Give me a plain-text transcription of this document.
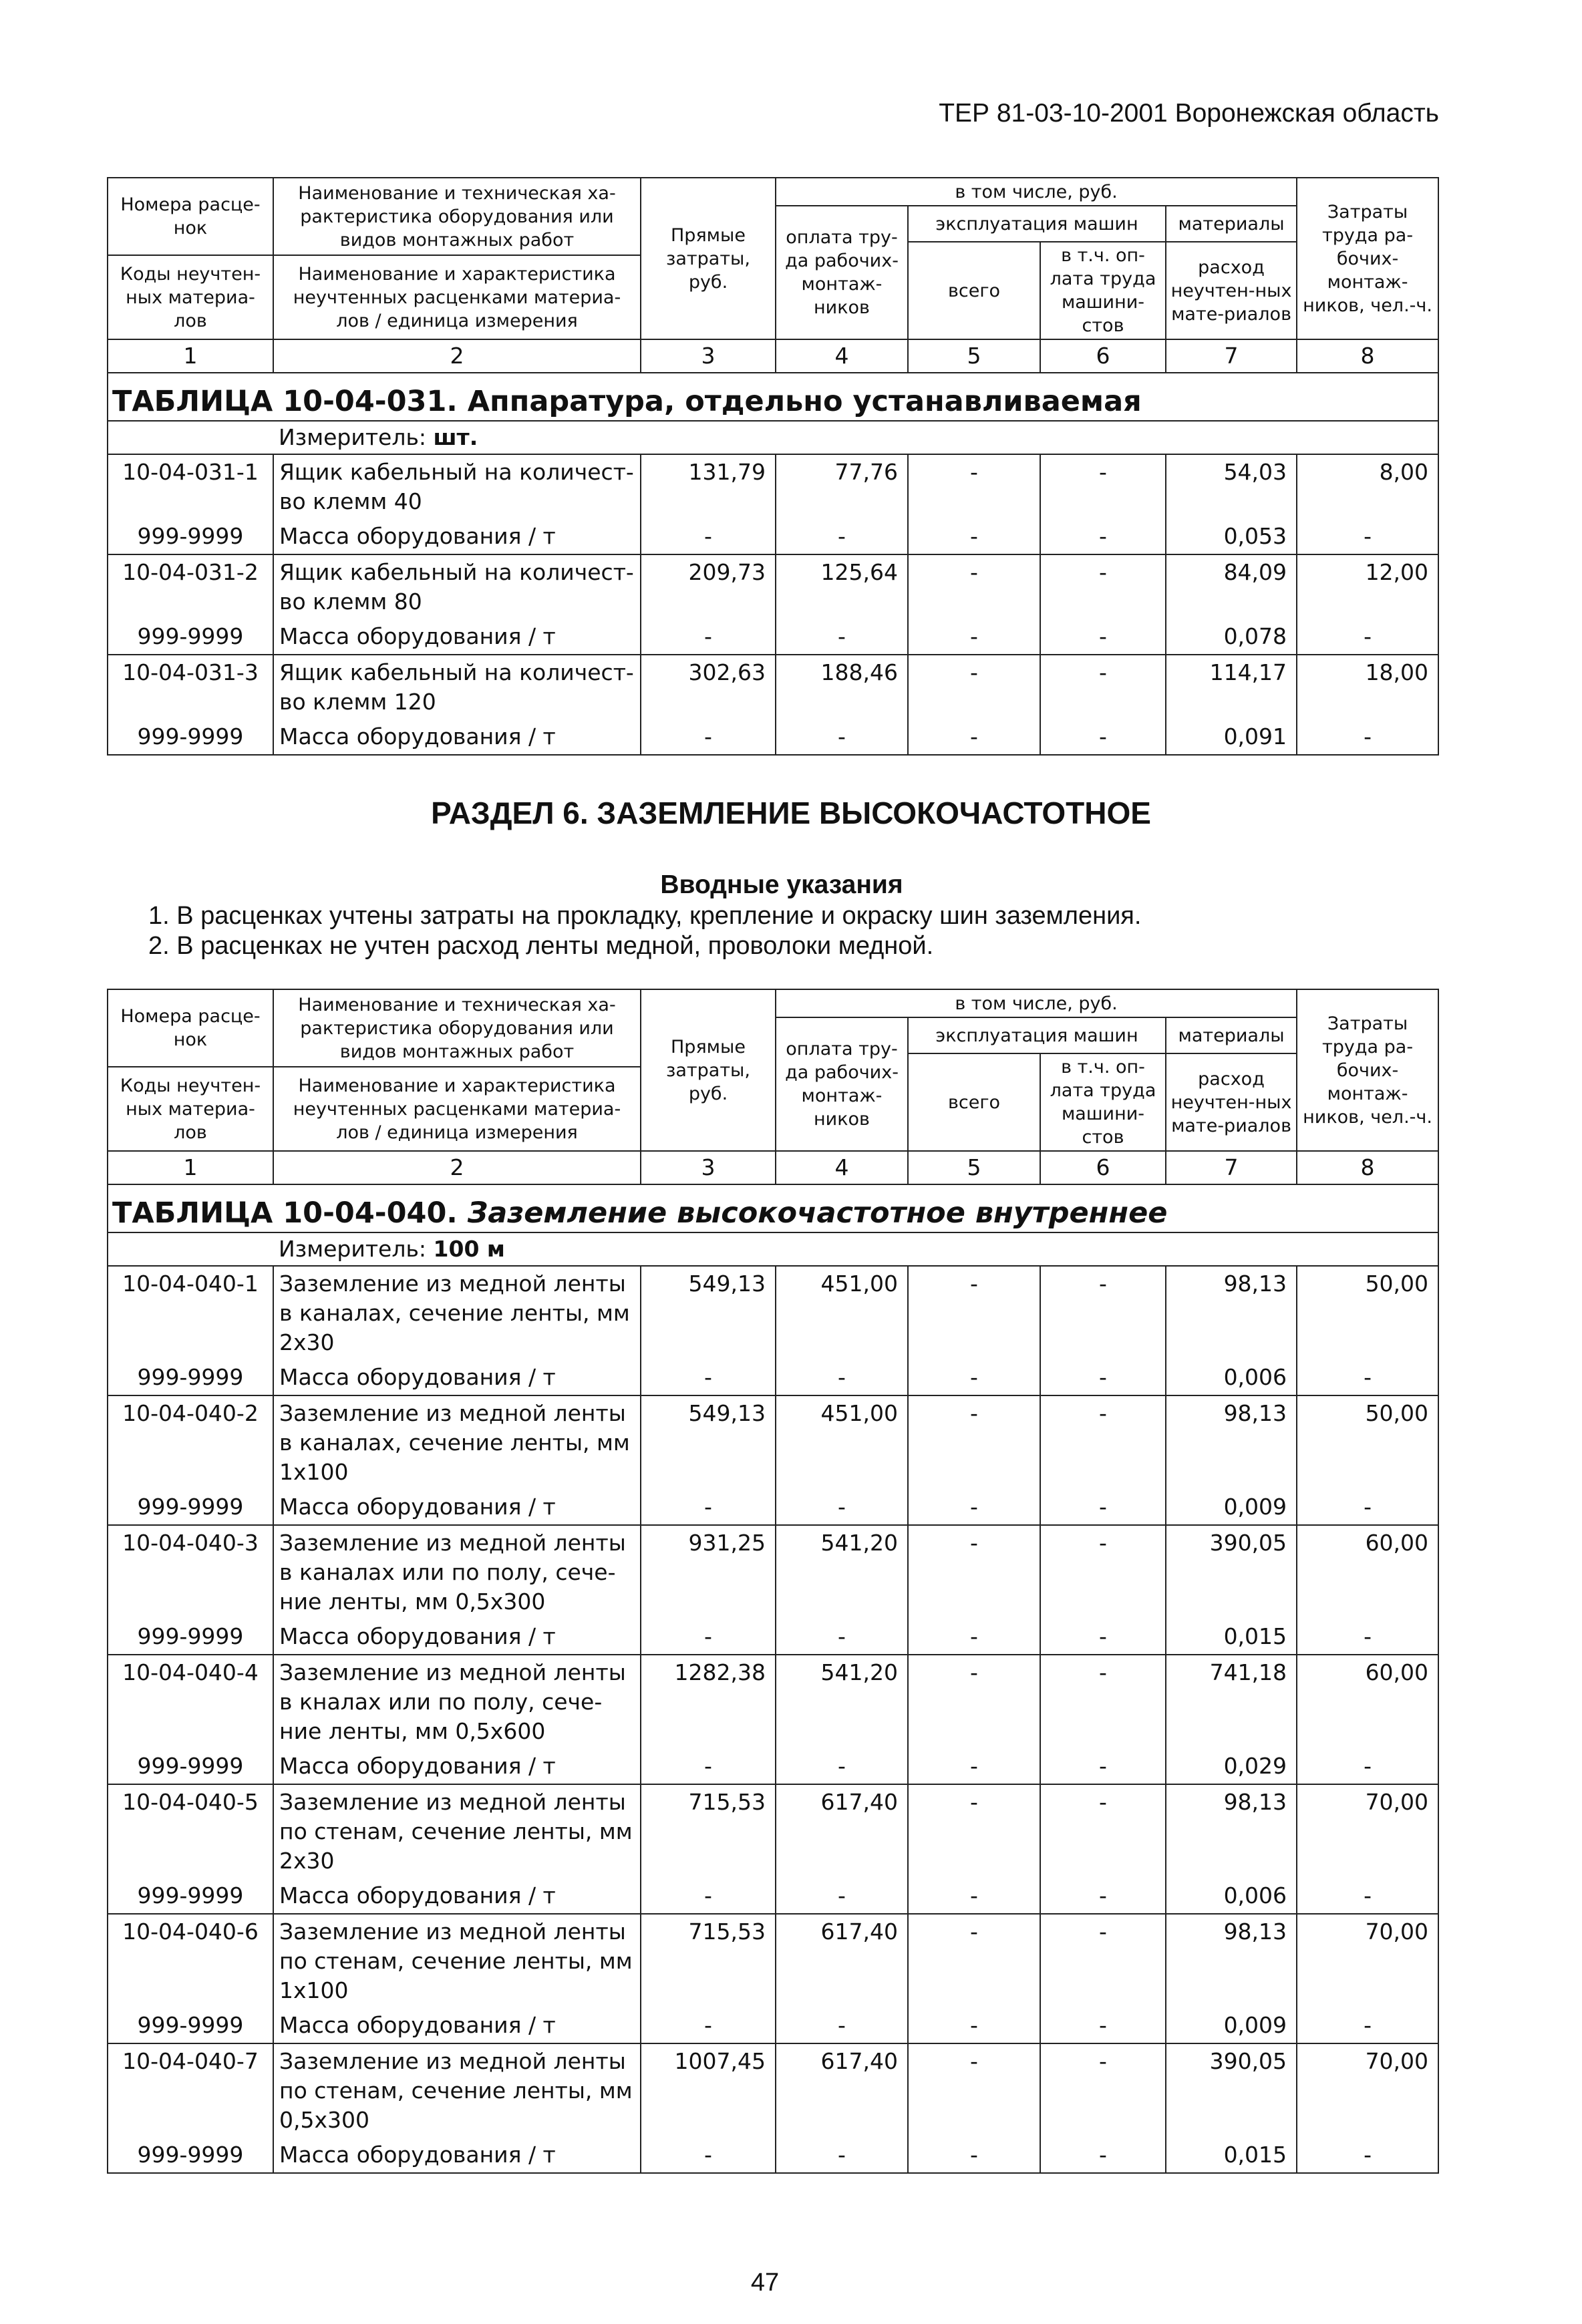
ТЕР 81-03-10-2001 Воронежская область
Номера расце-нок	Наименование и техническая ха-рактеристика оборудования или видов монтажных работ	Прямые затраты, руб.	в том числе, руб.				Затраты труда ра-бочих-монтаж-ников, чел.-ч.
			оплата тру-да рабочих-монтаж-ников	эксплуатация машин		материалы	
				всего	в т.ч. оп-лата труда машини-стов	расход неучтен-ных мате-риалов	
Коды неучтен-ных материа-лов	Наименование и характеристика неучтенных расценками материа-лов / единица измерения						

1	2	3	4	5	6	7	8
ТАБЛИЦА 10-04-031. Аппаратура, отдельно устанавливаемая							
Измеритель: шт.							
10-04-031-1	Ящик кабельный на количест-во клемм 40	131,79	77,76	-	-	54,03	8,00
999-9999	Масса оборудования / т	-	-	-	-	0,053	-
10-04-031-2	Ящик кабельный на количест-во клемм 80	209,73	125,64	-	-	84,09	12,00
999-9999	Масса оборудования / т	-	-	-	-	0,078	-
10-04-031-3	Ящик кабельный на количест-во клемм 120	302,63	188,46	-	-	114,17	18,00
999-9999	Масса оборудования / т	-	-	-	-	0,091	-
РАЗДЕЛ 6. ЗАЗЕМЛЕНИЕ ВЫСОКОЧАСТОТНОЕ
Вводные указания
1. В расценках учтены затраты на прокладку, крепление и окраску шин заземления.
2. В расценках не учтен расход ленты медной, проволоки медной.
Номера расце-нок	Наименование и техническая ха-рактеристика оборудования или видов монтажных работ	Прямые затраты, руб.	в том числе, руб.				Затраты труда ра-бочих-монтаж-ников, чел.-ч.
			оплата тру-да рабочих-монтаж-ников	эксплуатация машин		материалы	
				всего	в т.ч. оп-лата труда машини-стов	расход неучтен-ных мате-риалов	
Коды неучтен-ных материа-лов	Наименование и характеристика неучтенных расценками материа-лов / единица измерения						

1	2	3	4	5	6	7	8
ТАБЛИЦА 10-04-040. Заземление высокочастотное внутреннее							
Измеритель: 100 м							
10-04-040-1	Заземление из медной ленты в каналах, сечение ленты, мм 2x30	549,13	451,00	-	-	98,13	50,00
999-9999	Масса оборудования / т	-	-	-	-	0,006	-
10-04-040-2	Заземление из медной ленты в каналах, сечение ленты, мм 1x100	549,13	451,00	-	-	98,13	50,00
999-9999	Масса оборудования / т	-	-	-	-	0,009	-
10-04-040-3	Заземление из медной ленты в каналах или по полу, сече-ние ленты, мм 0,5x300	931,25	541,20	-	-	390,05	60,00
999-9999	Масса оборудования / т	-	-	-	-	0,015	-
10-04-040-4	Заземление из медной ленты в кналах или по полу, сече-ние ленты, мм 0,5x600	1282,38	541,20	-	-	741,18	60,00
999-9999	Масса оборудования / т	-	-	-	-	0,029	-
10-04-040-5	Заземление из медной ленты по стенам, сечение ленты, мм 2x30	715,53	617,40	-	-	98,13	70,00
999-9999	Масса оборудования / т	-	-	-	-	0,006	-
10-04-040-6	Заземление из медной ленты по стенам, сечение ленты, мм 1x100	715,53	617,40	-	-	98,13	70,00
999-9999	Масса оборудования / т	-	-	-	-	0,009	-
10-04-040-7	Заземление из медной ленты по стенам, сечение ленты, мм 0,5x300	1007,45	617,40	-	-	390,05	70,00
999-9999	Масса оборудования / т	-	-	-	-	0,015	-
47
